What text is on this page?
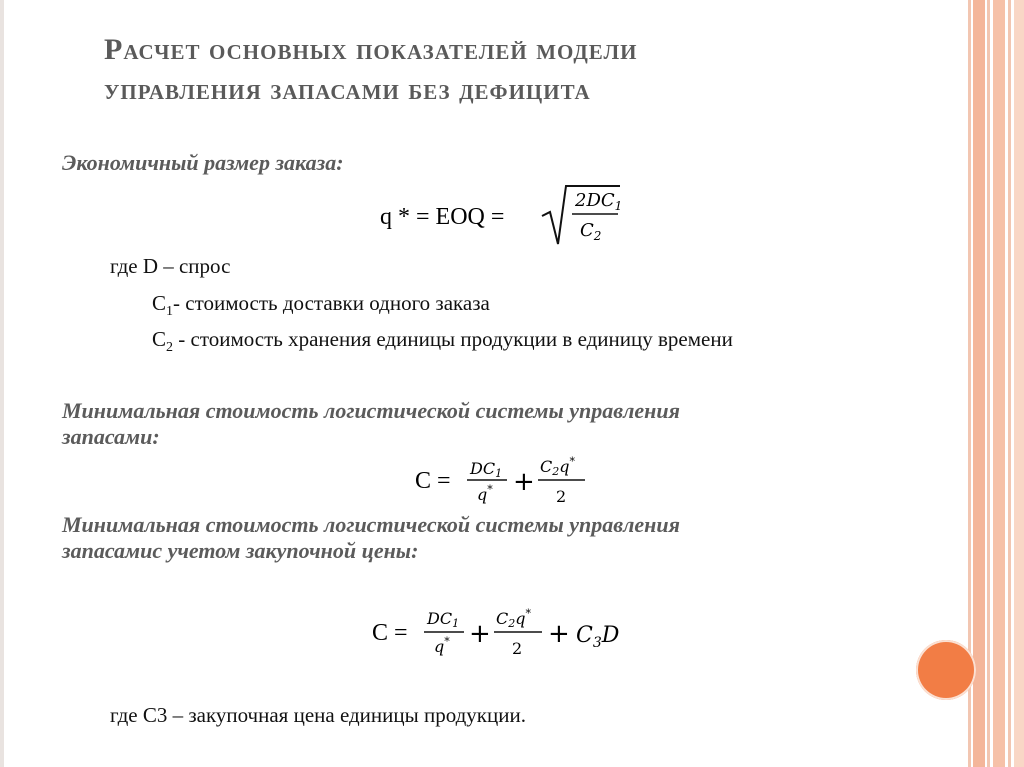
Расчет основных показателей модели
управления запасами без дефицита
Экономичный размер заказа:
q * = EOQ =
$2DC_1$
$C_2$
где D – спрос
$C_1-$ стоимость доставки одного заказа
$C_2$ - стоимость хранения единицы продукции в единицу времени
Минимальная стоимость логистической системы управления
запасами:
C = DC1
q* +
C2q*
2
Минимальная стоимость логистической системы управления
запасамис учетом закупочной цены:
C =
DC1
q* +
C2q*
$2 + C_3D$
где C3 – закупочная цена единицы продукции.
